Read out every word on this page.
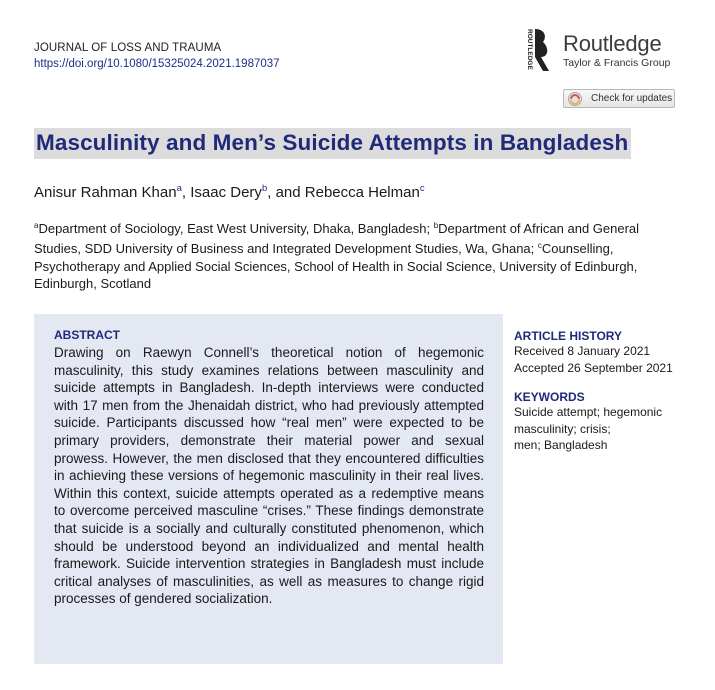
JOURNAL OF LOSS AND TRAUMA
https://doi.org/10.1080/15325024.2021.1987037	ROUTLEDGE Routledge
Taylor & Francis Group
Check for updates
Masculinity and Men’s Suicide Attempts in Bangladesh
Anisur Rahman Khan$^a$, Isaac Dery$^b$, and Rebecca Helman$^c$
$^a$Department of Sociology, East West University, Dhaka, Bangladesh; $^b$Department of African and General Studies, SDD University of Business and Integrated Development Studies, Wa, Ghana; $^c$Counselling, Psychotherapy and Applied Social Sciences, School of Health in Social Science, University of Edinburgh, Edinburgh, Scotland
ABSTRACT

Drawing on Raewyn Connell’s theoretical notion of hegemonic masculinity, this study examines relations between masculinity and suicide attempts in Bangladesh. In-depth interviews were conducted with 17 men from the Jhenaidah district, who had previously attempted suicide. Participants discussed how “real men” were expected to be primary providers, demonstrate their material power and sexual prowess. However, the men disclosed that they encountered difficulties in achieving these versions of hegemonic masculinity in their real lives. Within this context, suicide attempts operated as a redemptive means to overcome perceived masculine “crises.” These findings demonstrate that suicide is a socially and culturally constituted phenomenon, which should be understood beyond an individualized and mental health framework. Suicide intervention strategies in Bangladesh must include critical analyses of masculinities, as well as measures to change rigid processes of gendered socialization.

ARTICLE HISTORY
Received 8 January 2021
Accepted 26 September 2021
KEYWORDS
Suicide attempt; hegemonic
masculinity; crisis;
men; Bangladesh
